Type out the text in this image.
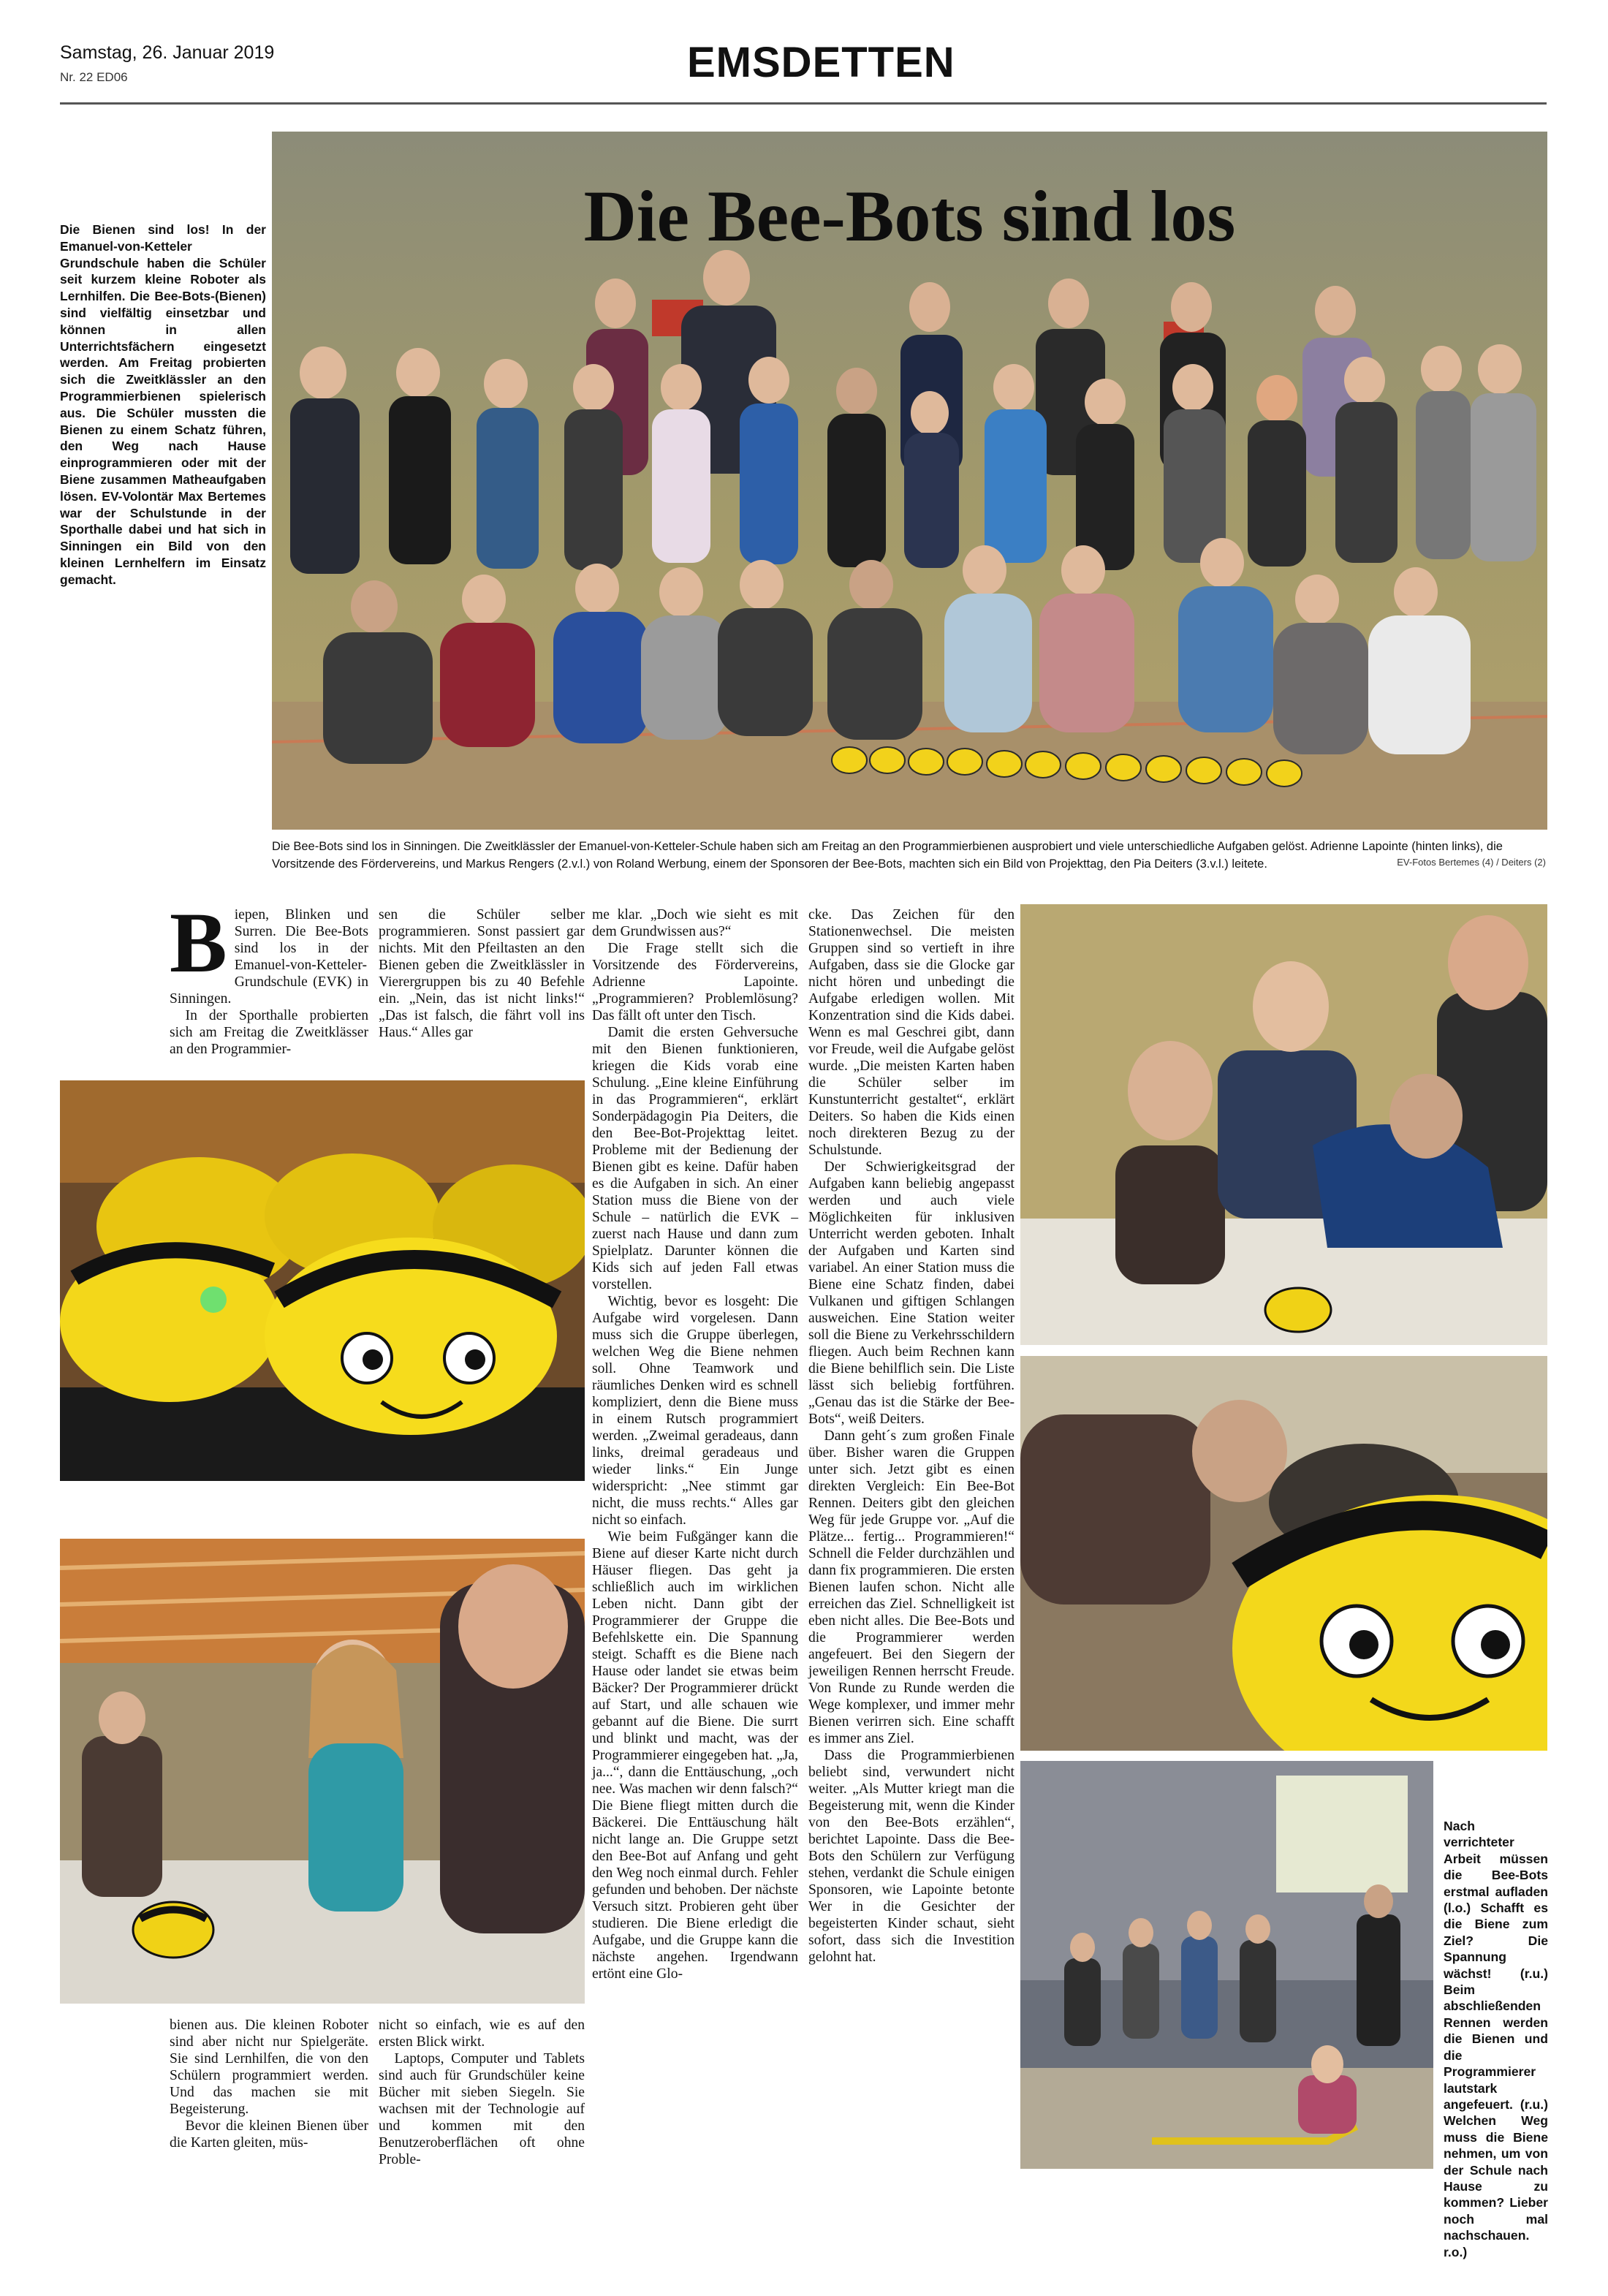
Samstag, 26. Januar 2019
Nr. 22 ED06	EMSDETTEN
Die Bienen sind los! In der Emanuel-von-Ketteler Grundschule haben die Schüler seit kurzem kleine Roboter als Lernhilfen. Die Bee-Bots-(Bienen) sind vielfältig einsetzbar und können in allen Unterrichtsfächern eingesetzt werden. Am Freitag probierten sich die Zweitklässler an den Programmierbienen spielerisch aus. Die Schüler mussten die Bienen zu einem Schatz führen, den Weg nach Hause einprogrammieren oder mit der Biene zusammen Matheaufgaben lösen. EV-Volontär Max Bertemes war der Schulstunde in der Sporthalle dabei und hat sich in Sinningen ein Bild von den kleinen Lernhelfern im Einsatz gemacht.
Die Bee-Bots sind los
Die Bee-Bots sind los in Sinningen. Die Zweitklässler der Emanuel-von-Ketteler-Schule haben sich am Freitag an den Programmierbienen ausprobiert und viele unterschiedliche Aufgaben gelöst. Adrienne Lapointe (hinten links), die Vorsitzende des Fördervereins, und Markus Rengers (2.v.l.) von Roland Werbung, einem der Sponsoren der Bee-Bots, machten sich ein Bild von Projekttag, den Pia Deiters (3.v.l.) leitete.	EV-Fotos Bertemes (4) / Deiters (2)
B iepen, Blinken und Surren. Die Bee-Bots sind los in der Emanuel-von-Ketteler-Grundschule (EVK) in Sinningen.

In der Sporthalle probierten sich am Freitag die Zweitklässer an den Programmier-

sen die Schüler selber programmieren. Sonst passiert gar nichts. Mit den Pfeiltasten an den Bienen geben die Zweitklässler in Vierergruppen bis zu 40 Befehle ein. „Nein, das ist nicht links!“ „Das ist falsch, die fährt voll ins Haus.“ Alles gar

bienen aus. Die kleinen Roboter sind aber nicht nur Spielgeräte. Sie sind Lernhilfen, die von den Schülern programmiert werden. Und das machen sie mit Begeisterung.

Bevor die kleinen Bienen über die Karten gleiten, müs-

nicht so einfach, wie es auf den ersten Blick wirkt.

Laptops, Computer und Tablets sind auch für Grundschüler keine Bücher mit sieben Siegeln. Sie wachsen mit der Technologie auf und kommen mit den Benutzeroberflächen oft ohne Proble-

me klar. „Doch wie sieht es mit dem Grundwissen aus?“

Die Frage stellt sich die Vorsitzende des Fördervereins, Adrienne Lapointe. „Programmieren? Problemlösung? Das fällt oft unter den Tisch.

Damit die ersten Gehversuche mit den Bienen funktionieren, kriegen die Kids vorab eine Schulung. „Eine kleine Einführung in das Programmieren“, erklärt Sonderpädagogin Pia Deiters, die den Bee-Bot-Projekttag leitet. Probleme mit der Bedienung der Bienen gibt es keine. Dafür haben es die Aufgaben in sich. An einer Station muss die Biene von der Schule – natürlich die EVK – zuerst nach Hause und dann zum Spielplatz. Darunter können die Kids sich auf jeden Fall etwas vorstellen.

Wichtig, bevor es losgeht: Die Aufgabe wird vorgelesen. Dann muss sich die Gruppe überlegen, welchen Weg die Biene nehmen soll. Ohne Teamwork und räumliches Denken wird es schnell kompliziert, denn die Biene muss in einem Rutsch programmiert werden. „Zweimal geradeaus, dann links, dreimal geradeaus und wieder links.“ Ein Junge widerspricht: „Nee stimmt gar nicht, die muss rechts.“ Alles gar nicht so einfach.

Wie beim Fußgänger kann die Biene auf dieser Karte nicht durch Häuser fliegen. Das geht ja schließlich auch im wirklichen Leben nicht. Dann gibt der Programmierer der Gruppe die Befehlskette ein. Die Spannung steigt. Schafft es die Biene nach Hause oder landet sie etwas beim Bäcker? Der Programmierer drückt auf Start, und alle schauen wie gebannt auf die Biene. Die surrt und blinkt und macht, was der Programmierer eingegeben hat. „Ja, ja...“, dann die Enttäuschung, „och nee. Was machen wir denn falsch?“ Die Biene fliegt mitten durch die Bäckerei. Die Enttäuschung hält nicht lange an. Die Gruppe setzt den Bee-Bot auf Anfang und geht den Weg noch einmal durch. Fehler gefunden und behoben. Der nächste Versuch sitzt. Probieren geht über studieren. Die Biene erledigt die Aufgabe, und die Gruppe kann die nächste angehen. Irgendwann ertönt eine Glo-

cke. Das Zeichen für den Stationenwechsel. Die meisten Gruppen sind so vertieft in ihre Aufgaben, dass sie die Glocke gar nicht hören und unbedingt die Aufgabe erledigen wollen. Mit Konzentration sind die Kids dabei. Wenn es mal Geschrei gibt, dann vor Freude, weil die Aufgabe gelöst wurde. „Die meisten Karten haben die Schüler selber im Kunstunterricht gestaltet“, erklärt Deiters. So haben die Kids einen noch direkteren Bezug zu der Schulstunde.

Der Schwierigkeitsgrad der Aufgaben kann beliebig angepasst werden und auch viele Möglichkeiten für inklusiven Unterricht werden geboten. Inhalt der Aufgaben und Karten sind variabel. An einer Station muss die Biene eine Schatz finden, dabei Vulkanen und giftigen Schlangen ausweichen. Eine Station weiter soll die Biene zu Verkehrsschildern fliegen. Auch beim Rechnen kann die Biene behilflich sein. Die Liste lässt sich beliebig fortführen. „Genau das ist die Stärke der Bee-Bots“, weiß Deiters.

Dann geht´s zum großen Finale über. Bisher waren die Gruppen unter sich. Jetzt gibt es einen direkten Vergleich: Ein Bee-Bot Rennen. Deiters gibt den gleichen Weg für jede Gruppe vor. „Auf die Plätze... fertig... Programmieren!“ Schnell die Felder durchzählen und dann fix programmieren. Die ersten Bienen laufen schon. Nicht alle erreichen das Ziel. Schnelligkeit ist eben nicht alles. Die Bee-Bots und die Programmierer werden angefeuert. Bei den Siegern der jeweiligen Rennen herrscht Freude. Von Runde zu Runde werden die Wege komplexer, und immer mehr Bienen verirren sich. Eine schafft es immer ans Ziel.

Dass die Programmierbienen beliebt sind, verwundert nicht weiter. „Als Mutter kriegt man die Begeisterung mit, wenn die Kinder von den Bee-Bots erzählen“, berichtet Lapointe. Dass die Bee-Bots den Schülern zur Verfügung stehen, verdankt die Schule einigen Sponsoren, wie Lapointe betonte Wer in die Gesichter der begeisterten Kinder schaut, sieht sofort, dass sich die Investition gelohnt hat.

Nach verrichteter Arbeit müssen die Bee-Bots erstmal aufladen (l.o.) Schafft es die Biene zum Ziel? Die Spannung wächst! (r.u.) Beim abschließenden Rennen werden die Bienen und die Programmierer lautstark angefeuert. (r.u.) Welchen Weg muss die Biene nehmen, um von der Schule nach Hause zu kommen? Lieber noch mal nachschauen. r.o.)
